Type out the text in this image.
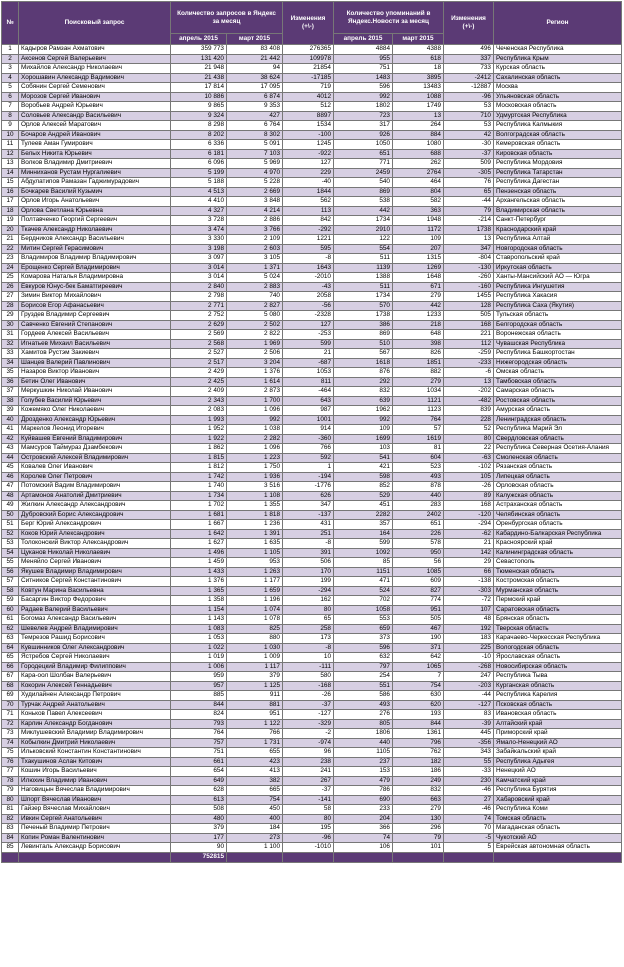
№	Поисковый запрос	Количество запросов в Яндекс за месяц		Изменения (+\-)	Количество упоминаний в Яндекс.Новости за месяц		Изменения (+\-)	Регион
		апрель 2015	март 2015		апрель 2015	март 2015		
1	Кадыров Рамзан Ахматович	359 773	83 408	276365	4884	4388	496	Чеченская Республика
2	Аксенов Сергей Валерьевич	131 420	21 442	109978	955	618	337	Республика Крым
3	Михайлов Александр Николаевич	21 948	94	21854	751	18	733	Курская область
4	Хорошавин Александр Вадимович	21 438	38 624	-17185	1483	3895	-2412	Сахалинская область
5	Собянин Сергей Семенович	17 814	17 095	719	596	13483	-12887	Москва
6	Морозов Сергей Иванович	10 886	6 874	4012	992	1088	-96	Ульяновская область
7	Воробьев Андрей Юрьевич	9 865	9 353	512	1802	1749	53	Московская область
8	Соловьев Александр Васильевич	9 324	427	8897	723	13	710	Удмуртская Республика
9	Орлов Алексей Маратович	8 298	6 764	1534	317	264	53	Республика Калмыкия
10	Бочаров Андрей Иванович	8 202	8 302	-100	926	884	42	Волгоградская область
11	Тулеев Аман Гумирович	6 336	5 091	1245	1050	1080	-30	Кемеровская область
12	Белых Никита Юрьевич	6 181	7 103	-922	651	688	-37	Кировская область
13	Волков Владимир Дмитриевич	6 096	5 969	127	771	262	509	Республика Мордовия
14	Минниханов Рустам Нургалиевич	5 199	4 970	229	2459	2764	-305	Республика Татарстан
15	Абдулатипов Рамазан Гаджимурадович	5 188	5 228	-40	540	464	76	Республика Дагестан
16	Бочкарев Василий Кузьмич	4 513	2 669	1844	869	804	65	Пензенская область
17	Орлов Игорь Анатольевич	4 410	3 848	562	538	582	-44	Архангельская область
18	Орлова Светлана Юрьевна	4 327	4 214	113	442	363	79	Владимирская область
19	Полтавченко Георгий Сергеевич	3 728	2 886	842	1734	1948	-214	Санкт-Петербург
20	Ткачев Александр Николаевич	3 474	3 766	-292	2910	1172	1738	Краснодарский край
21	Бердников Александр Васильевич	3 330	2 109	1221	122	109	13	Республика Алтай
22	Митин Сергей Герасимович	3 198	2 603	595	554	207	347	Новгородская область
23	Владимиров Владимир Владимирович	3 097	3 105	-8	511	1315	-804	Ставропольский край
24	Ерощенко Сергей Владимирович	3 014	1 371	1643	1139	1269	-130	Иркутская область
25	Комарова Наталья Владимировна	3 014	5 024	-2010	1388	1648	-260	Ханты-Мансийский АО — Югра
26	Евкуров Юнус-бек Баматгиреевич	2 840	2 883	-43	511	671	-160	Республика Ингушетия
27	Зимин Виктор Михайлович	2 798	740	2058	1734	279	1455	Республика Хакасия
28	Борисов Егор Афанасьевич	2 771	2 827	-56	570	442	128	Республика Саха (Якутия)
29	Груздев Владимир Сергеевич	2 752	5 080	-2328	1738	1233	505	Тульская область
30	Савченко Евгений Степанович	2 629	2 502	127	386	218	168	Белгородская область
31	Гордеев Алексей Васильевич	2 569	2 822	-253	869	648	221	Воронежская область
32	Игнатьев Михаил Васильевич	2 568	1 969	599	510	398	112	Чувашская Республика
33	Хамитов Рустэм Закиевич	2 527	2 506	21	567	826	-259	Республика Башкортостан
34	Шанцев Валерий Павлинович	2 517	3 204	-687	1618	1851	-233	Нижегородская область
35	Назаров Виктор Иванович	2 429	1 376	1053	876	882	-6	Омская область
36	Бетин Олег Иванович	2 425	1 614	811	292	279	13	Тамбовская область
37	Меркушкин Николай Иванович	2 409	2 873	-464	832	1034	-202	Самарская область
38	Голубев Василий Юрьевич	2 343	1 700	643	639	1121	-482	Ростовская область
39	Кожемяко Олег Николаевич	2 083	1 096	987	1962	1123	839	Амурская область
40	Дрозденко Александр Юрьевич	1 993	992	1001	992	764	228	Ленинградская область
41	Маркелов Леонид Игоревич	1 952	1 038	914	109	57	52	Республика Марий Эл
42	Куйвашев Евгений Владимирович	1 922	2 282	-360	1699	1619	80	Свердловская область
43	Мамсуров Таймураз Дзамбекович	1 862	1 096	766	103	81	22	Республика Северная Осетия-Алания
44	Островский Алексей Владимирович	1 815	1 223	592	541	604	-63	Смоленская область
45	Ковалев Олег Иванович	1 812	1 750	1	421	523	-102	Рязанская область
46	Королев Олег Петрович	1 742	1 936	-194	598	493	105	Липецкая область
47	Потомский Вадим Владимирович	1 740	3 516	-1776	852	878	-26	Орловская область
48	Артамонов Анатолий Дмитриевич	1 734	1 108	626	529	440	89	Калужская область
49	Жилкин Александр Александрович	1 702	1 355	347	451	283	168	Астраханская область
50	Дубровский Борис Александрович	1 681	1 818	-137	2282	2402	-120	Челябинская область
51	Берг Юрий Александрович	1 667	1 236	431	357	651	-294	Оренбургская область
52	Коков Юрий Александрович	1 642	1 391	251	164	226	-62	Кабардино-Балкарская Республика
53	Толоконский Виктор Александрович	1 627	1 635	-8	599	578	21	Красноярский край
54	Цуканов Николай Николаевич	1 496	1 105	391	1092	950	142	Калининградская область
55	Меняйло Сергей Иванович	1 459	953	506	85	56	29	Севастополь
56	Якушев Владимир Владимирович	1 433	1 263	170	1151	1085	66	Тюменская область
57	Ситников Сергей Константинович	1 376	1 177	199	471	609	-138	Костромская область
58	Ковтун Марина Васильевна	1 365	1 659	-294	524	827	-303	Мурманская область
59	Басаргин Виктор Федорович	1 358	1 196	162	702	774	-72	Пермский край
60	Радаев Валерий Васильевич	1 154	1 074	80	1058	951	107	Саратовская область
61	Богомаз Александр Васильевич	1 143	1 078	65	553	505	48	Брянская область
62	Шевелев Андрей Владимирович	1 083	825	258	659	467	192	Тверская область
63	Темрезов Рашид Борисович	1 053	880	173	373	190	183	Карачаево-Черкесская Республика
64	Кувшинников Олег Александрович	1 022	1 030	-8	596	371	225	Вологодская область
65	Ястребов Сергей Николаевич	1 019	1 009	10	632	642	-10	Ярославская область
66	Городецкий Владимир Филиппович	1 006	1 117	-111	797	1065	-268	Новосибирская область
67	Кара-оол Шолбан Валерьевич	959	379	580	254	7	247	Республика Тыва
68	Кокорин Алексей Геннадьевич	957	1 125	-168	551	754	-203	Курганская область
69	Худилайнен Александр Петрович	885	911	-26	586	630	-44	Республика Карелия
70	Турчак Андрей Анатольевич	844	881	-37	493	620	-127	Псковская область
71	Коньков Павел Алексеевич	824	951	-127	276	193	83	Ивановская область
72	Карлин Александр Богданович	793	1 122	-329	805	844	-39	Алтайский край
73	Миклушевский Владимир Владимирович	764	766	-2	1806	1361	445	Приморский край
74	Кобылкин Дмитрий Николаевич	757	1 731	-974	440	796	-356	Ямало-Ненецкий АО
75	Ильковский Константин Константинович	751	655	96	1105	762	343	Забайкальский край
76	Тхакушинов Аслан Китович	661	423	238	237	182	55	Республика Адыгея
77	Кошин Игорь Васильевич	654	413	241	153	186	-33	Ненецкий АО
78	Илюхин Владимир Иванович	649	382	267	479	249	230	Камчатский край
79	Наговицын Вячеслав Владимирович	628	665	-37	786	832	-46	Республика Бурятия
80	Шпорт Вячеслав Иванович	613	754	-141	690	663	27	Хабаровский край
81	Гайзер Вячеслав Михайлович	508	450	58	233	279	-46	Республика Коми
82	Ивкин Сергей Анатольевич	480	400	80	204	130	74	Томская область
83	Печеный Владимир Петрович	379	184	195	366	296	70	Магаданская область
84	Копин Роман Валентинович	177	273	-96	74	79	-5	Чукотский АО
85	Левинталь Александр Борисович	90	1 100	-1010	106	101	5	Еврейская автономная область
		752815						
